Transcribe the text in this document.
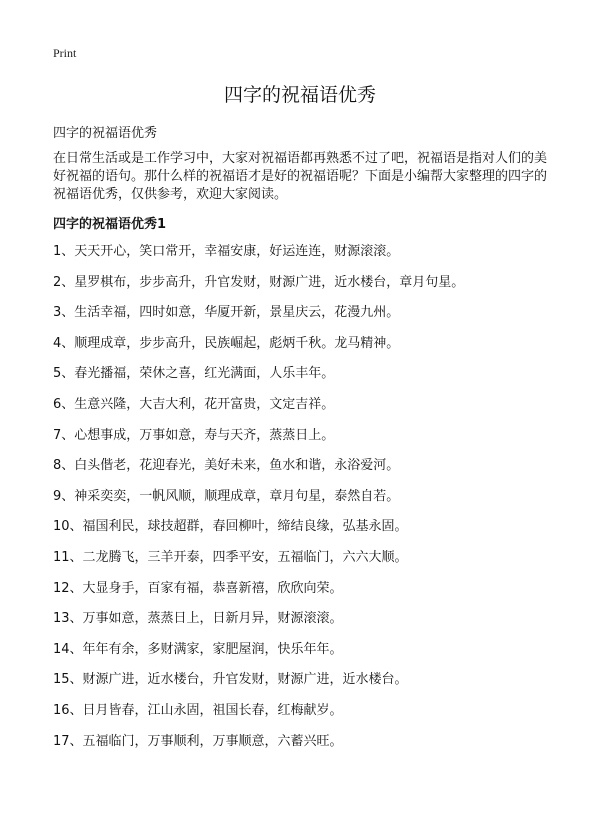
Print
四字的祝福语优秀
四字的祝福语优秀

在日常生活或是工作学习中，大家对祝福语都再熟悉不过了吧，祝福语是指对人们的美好祝福的语句。那什么样的祝福语才是好的祝福语呢？下面是小编帮大家整理的四字的祝福语优秀，仅供参考，欢迎大家阅读。

四字的祝福语优秀1
1、天天开心，笑口常开，幸福安康，好运连连，财源滚滚。
2、星罗棋布，步步高升，升官发财，财源广进，近水楼台，章月句星。
3、生活幸福，四时如意，华厦开新，景星庆云，花漫九州。
4、顺理成章，步步高升，民族崛起，彪炳千秋。龙马精神。
5、春光播福，荣休之喜，红光满面，人乐丰年。
6、生意兴隆，大吉大利，花开富贵，文定吉祥。
7、心想事成，万事如意，寿与天齐，蒸蒸日上。
8、白头偕老，花迎春光，美好未来，鱼水和谐，永浴爱河。
9、神采奕奕，一帆风顺，顺理成章，章月句星，泰然自若。
10、福国利民，球技超群，春回柳叶，缔结良缘，弘基永固。
11、二龙腾飞，三羊开泰，四季平安，五福临门，六六大顺。
12、大显身手，百家有福，恭喜新禧，欣欣向荣。
13、万事如意，蒸蒸日上，日新月异，财源滚滚。
14、年年有余，多财满家，家肥屋润，快乐年年。
15、财源广进，近水楼台，升官发财，财源广进，近水楼台。
16、日月皆春，江山永固，祖国长春，红梅献岁。
17、五福临门，万事顺利，万事顺意，六蓄兴旺。
